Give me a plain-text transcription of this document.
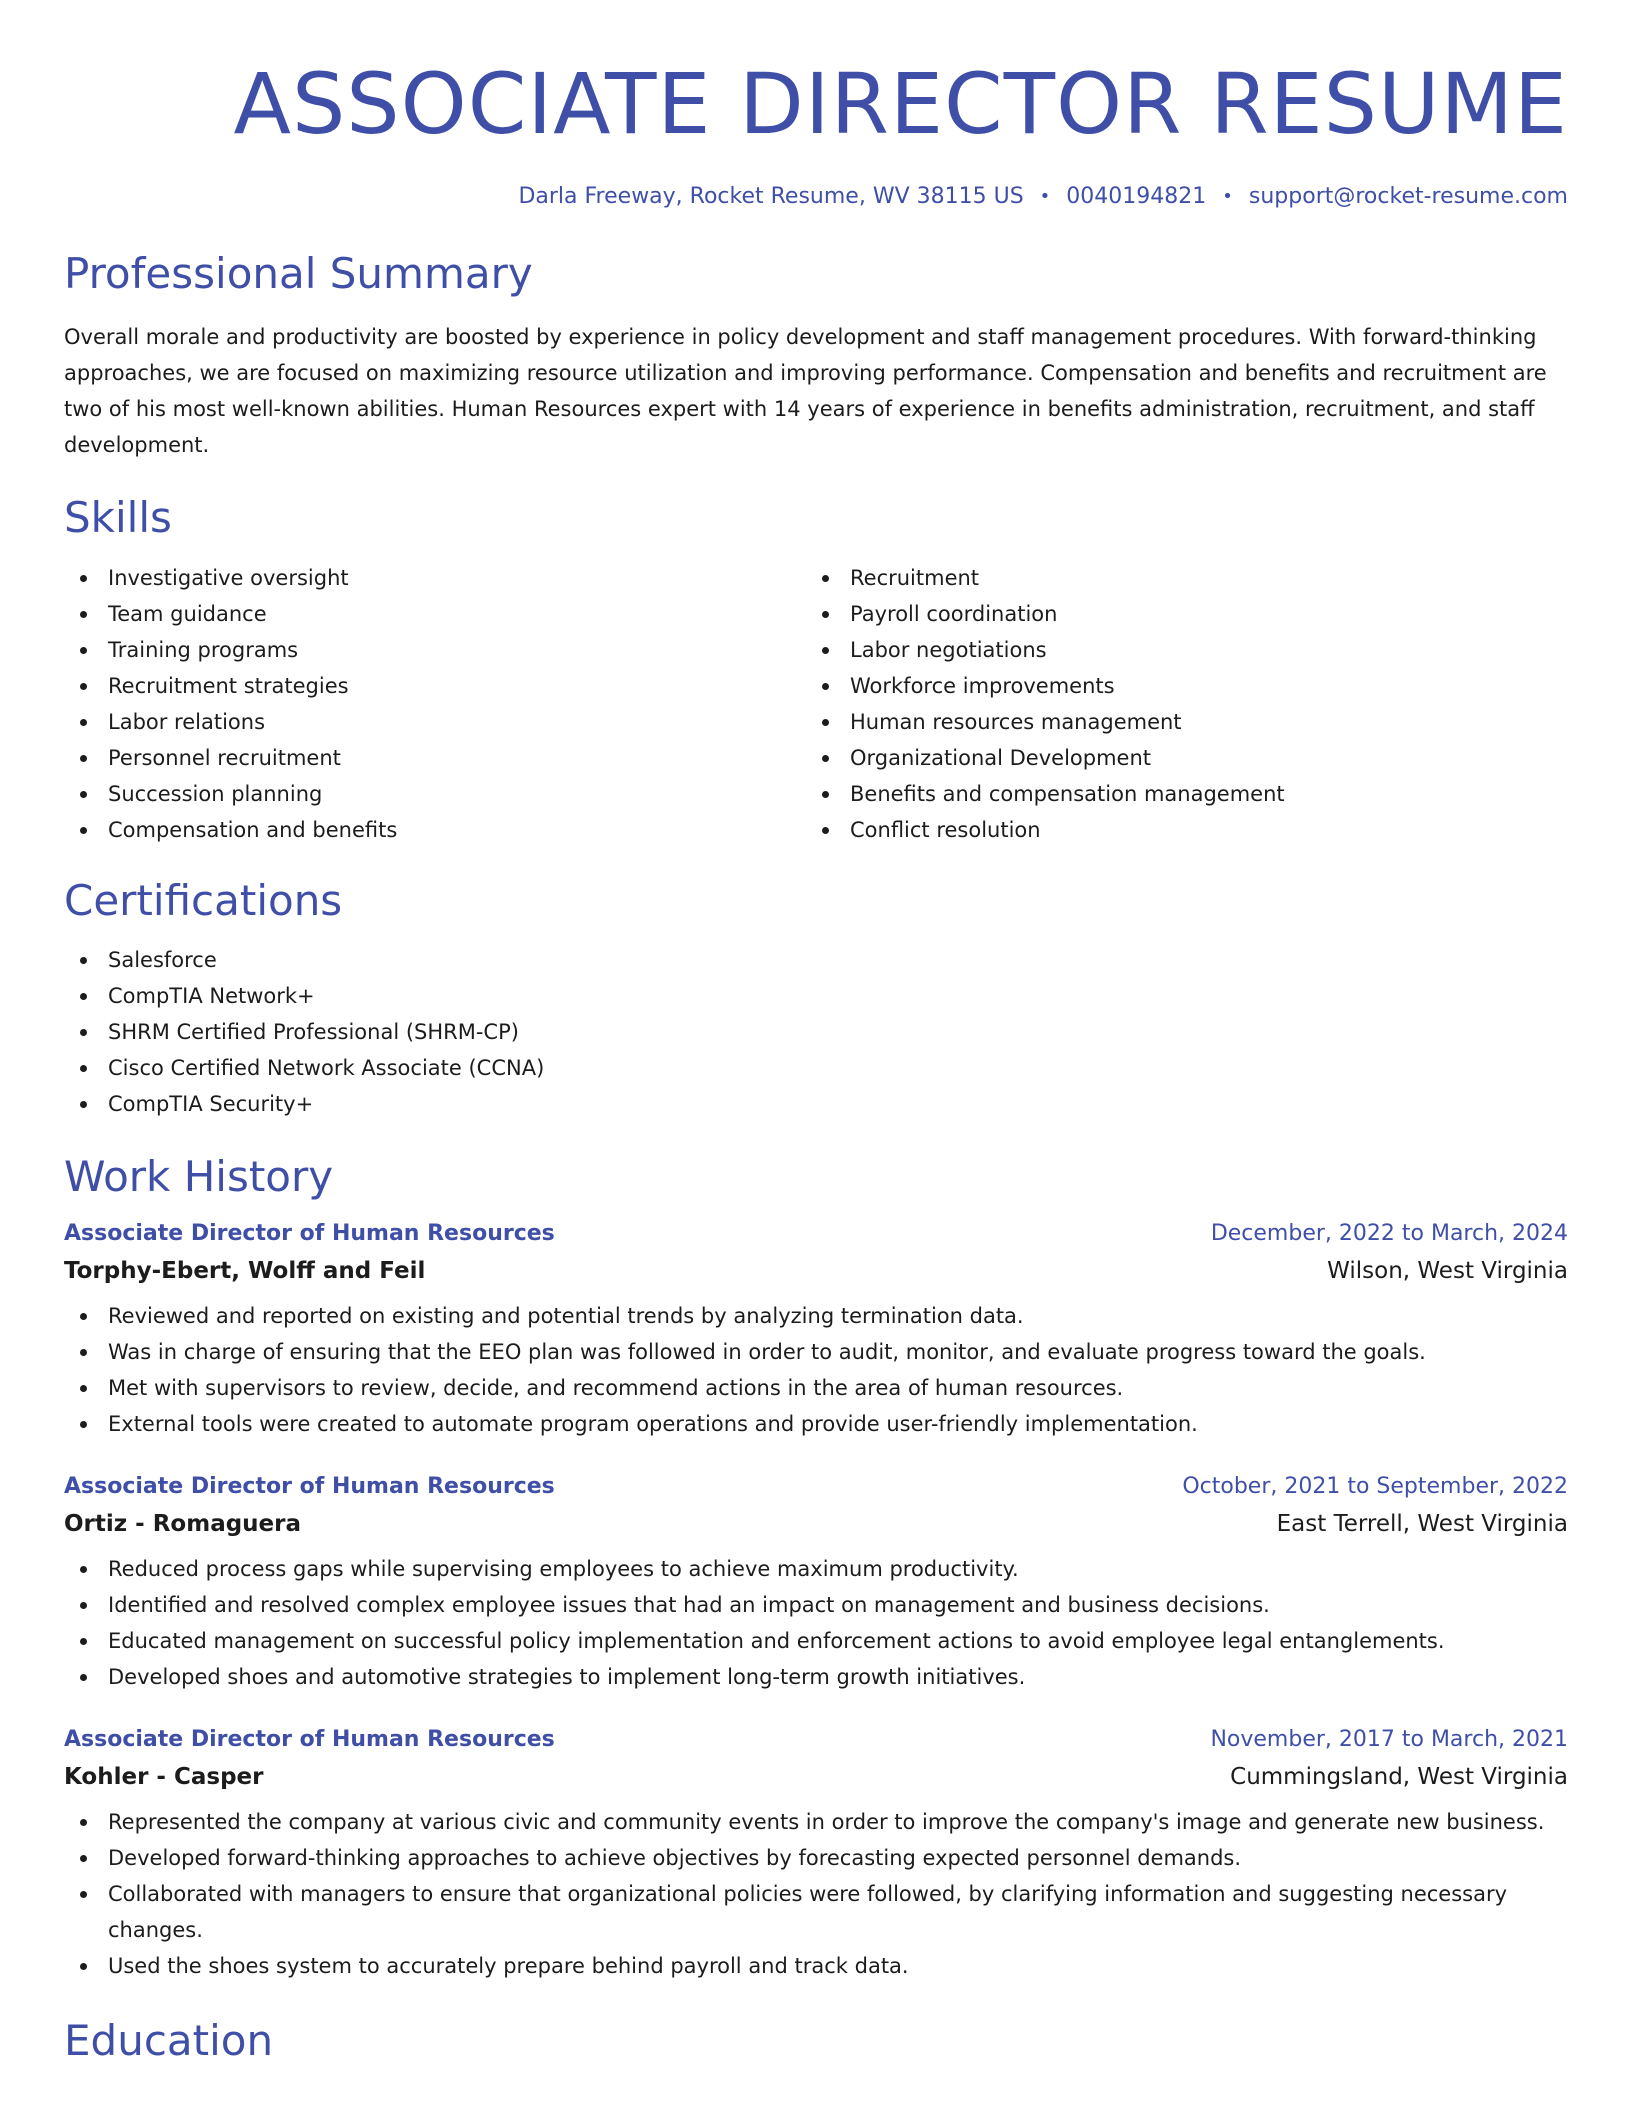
ASSOCIATE DIRECTOR RESUME
Darla Freeway, Rocket Resume, WV 38115 US • 0040194821 • support@rocket-resume.com
Professional Summary
Overall morale and productivity are boosted by experience in policy development and staff management procedures. With forward-thinking approaches, we are focused on maximizing resource utilization and improving performance. Compensation and benefits and recruitment are two of his most well-known abilities. Human Resources expert with 14 years of experience in benefits administration, recruitment, and staff development.
Skills
Investigative oversight
Team guidance
Training programs
Recruitment strategies
Labor relations
Personnel recruitment
Succession planning
Compensation and benefits
Recruitment
Payroll coordination
Labor negotiations
Workforce improvements
Human resources management
Organizational Development
Benefits and compensation management
Conflict resolution
Certifications
Salesforce
CompTIA Network+
SHRM Certified Professional (SHRM-CP)
Cisco Certified Network Associate (CCNA)
CompTIA Security+
Work History
Associate Director of Human Resources	December, 2022 to March, 2024
Torphy-Ebert, Wolff and Feil	Wilson, West Virginia
Reviewed and reported on existing and potential trends by analyzing termination data.
Was in charge of ensuring that the EEO plan was followed in order to audit, monitor, and evaluate progress toward the goals.
Met with supervisors to review, decide, and recommend actions in the area of human resources.
External tools were created to automate program operations and provide user-friendly implementation.
Associate Director of Human Resources	October, 2021 to September, 2022
Ortiz - Romaguera	East Terrell, West Virginia
Reduced process gaps while supervising employees to achieve maximum productivity.
Identified and resolved complex employee issues that had an impact on management and business decisions.
Educated management on successful policy implementation and enforcement actions to avoid employee legal entanglements.
Developed shoes and automotive strategies to implement long-term growth initiatives.
Associate Director of Human Resources	November, 2017 to March, 2021
Kohler - Casper	Cummingsland, West Virginia
Represented the company at various civic and community events in order to improve the company's image and generate new business.
Developed forward-thinking approaches to achieve objectives by forecasting expected personnel demands.
Collaborated with managers to ensure that organizational policies were followed, by clarifying information and suggesting necessary changes.
Used the shoes system to accurately prepare behind payroll and track data.
Education
